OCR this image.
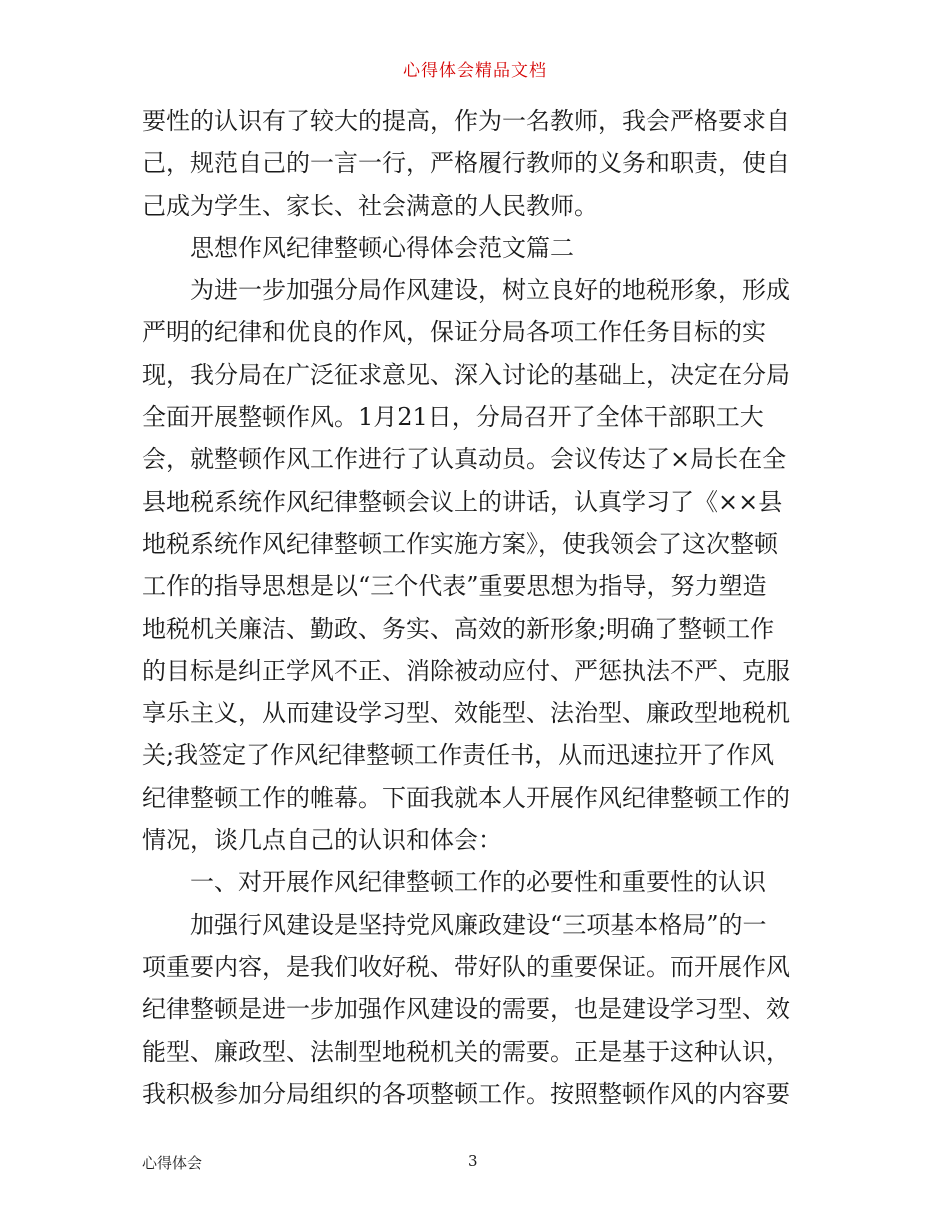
心得体会精品文档
要性的认识有了较大的提高，作为一名教师，我会严格要求自
己，规范自己的一言一行，严格履行教师的义务和职责，使自
己成为学生、家长、社会满意的人民教师。
思想作风纪律整顿心得体会范文篇二
为进一步加强分局作风建设，树立良好的地税形象，形成
严明的纪律和优良的作风，保证分局各项工作任务目标的实
现，我分局在广泛征求意见、深入讨论的基础上，决定在分局
全面开展整顿作风。1月21日，分局召开了全体干部职工大
会，就整顿作风工作进行了认真动员。会议传达了×局长在全
县地税系统作风纪律整顿会议上的讲话，认真学习了《××县
地税系统作风纪律整顿工作实施方案》，使我领会了这次整顿
工作的指导思想是以“三个代表”重要思想为指导，努力塑造
地税机关廉洁、勤政、务实、高效的新形象;明确了整顿工作
的目标是纠正学风不正、消除被动应付、严惩执法不严、克服
享乐主义，从而建设学习型、效能型、法治型、廉政型地税机
关;我签定了作风纪律整顿工作责任书，从而迅速拉开了作风
纪律整顿工作的帷幕。下面我就本人开展作风纪律整顿工作的
情况，谈几点自己的认识和体会：
一、对开展作风纪律整顿工作的必要性和重要性的认识
加强行风建设是坚持党风廉政建设“三项基本格局”的一
项重要内容，是我们收好税、带好队的重要保证。而开展作风
纪律整顿是进一步加强作风建设的需要，也是建设学习型、效
能型、廉政型、法制型地税机关的需要。正是基于这种认识，
我积极参加分局组织的各项整顿工作。按照整顿作风的内容要
心得体会	3
